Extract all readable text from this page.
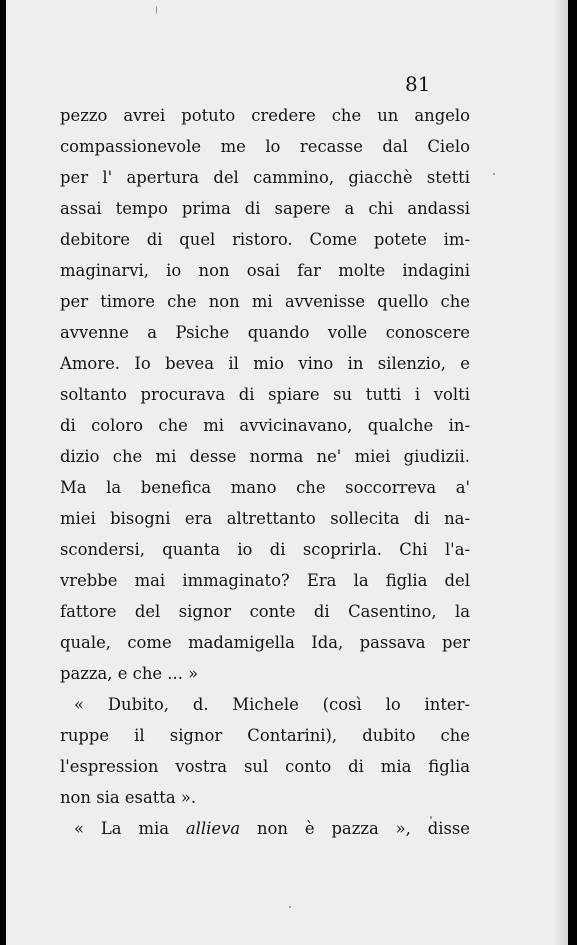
81
pezzo avrei potuto credere che un angelo
compassionevole me lo recasse dal Cielo
per l' apertura del cammino, giacchè stetti
assai tempo prima di sapere a chi andassi
debitore di quel ristoro. Come potete im-
maginarvi, io non osai far molte indagini
per timore che non mi avvenisse quello che
avvenne a Psiche quando volle conoscere
Amore. Io bevea il mio vino in silenzio, e
soltanto procurava di spiare su tutti i volti
di coloro che mi avvicinavano, qualche in-
dizio che mi desse norma ne' miei giudizii.
Ma la benefica mano che soccorreva a'
miei bisogni era altrettanto sollecita di na-
scondersi, quanta io di scoprirla. Chi l'a-
vrebbe mai immaginato? Era la figlia del
fattore del signor conte di Casentino, la
quale, come madamigella Ida, passava per
pazza, e che ... »
« Dubito, d. Michele (così lo inter-
ruppe il signor Contarini), dubito che
l'espression vostra sul conto di mia figlia
non sia esatta ».
« La mia allieva non è pazza », disse
